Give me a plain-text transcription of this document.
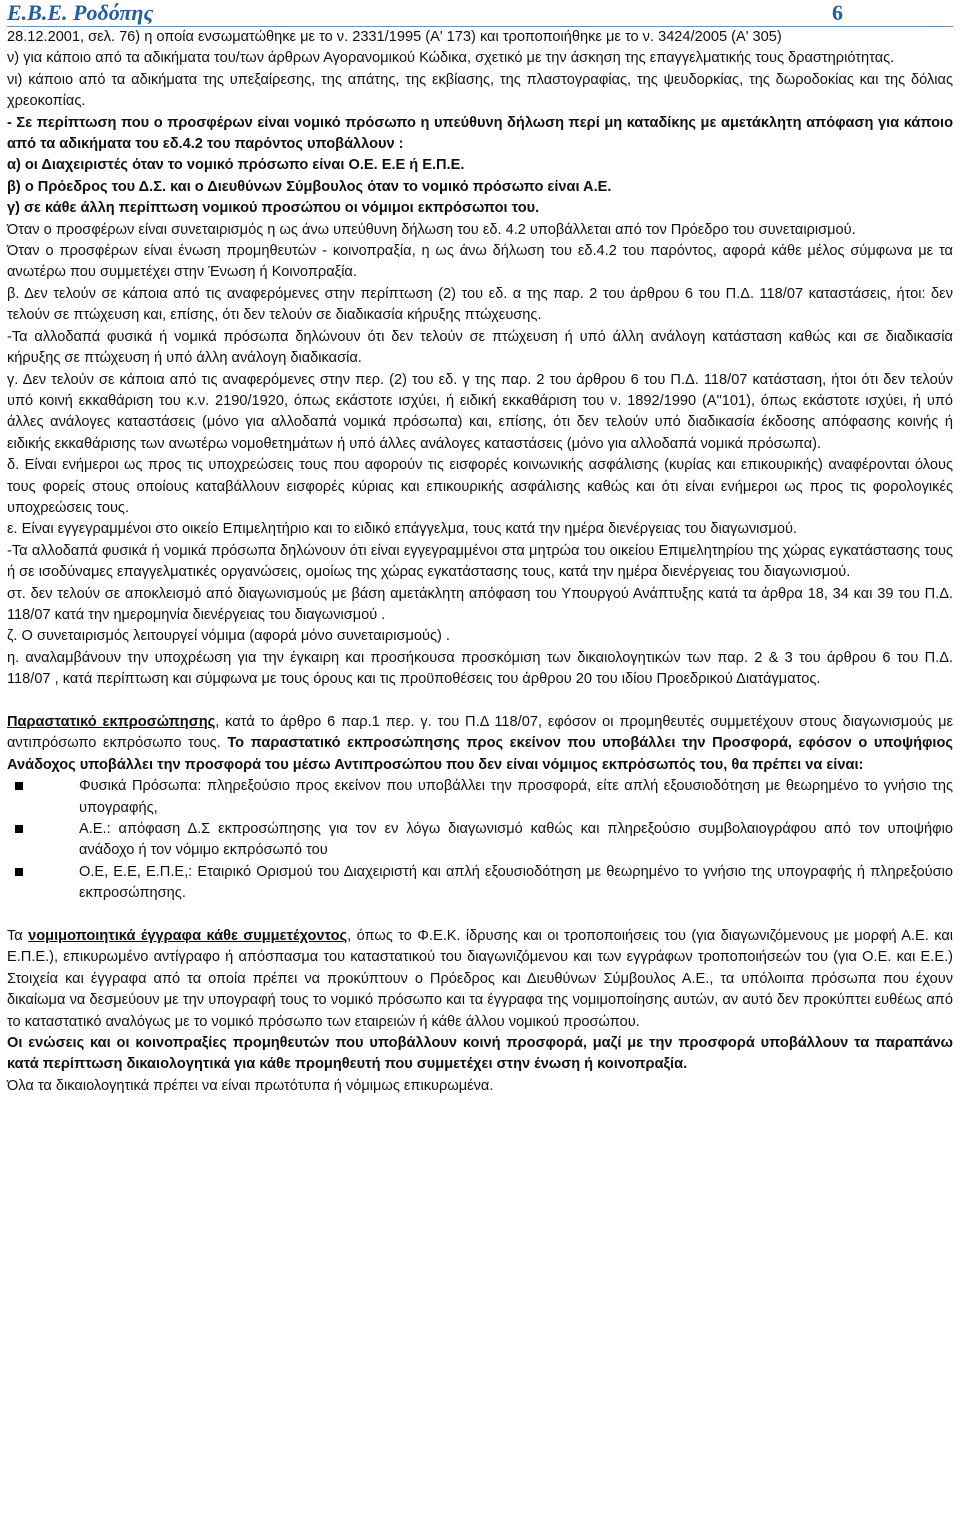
Ε.Β.Ε. Ροδόπης	6

28.12.2001, σελ. 76) η οποία ενσωματώθηκε με το ν. 2331/1995 (Α' 173) και τροποποιήθηκε με το ν. 3424/2005 (Α' 305)

ν) για κάποιο από τα αδικήματα του/των άρθρων Αγορανομικού Κώδικα, σχετικό με την άσκηση της επαγγελματικής τους δραστηριότητας.

νι) κάποιο από τα αδικήματα της υπεξαίρεσης, της απάτης, της εκβίασης, της πλαστογραφίας, της ψευδορκίας, της δωροδοκίας και της δόλιας χρεοκοπίας.

- Σε περίπτωση που ο προσφέρων είναι νομικό πρόσωπο η υπεύθυνη δήλωση περί μη καταδίκης με αμετάκλητη απόφαση για κάποιο από τα αδικήματα του εδ.4.2 του παρόντος υποβάλλουν :

α) οι Διαχειριστές όταν το νομικό πρόσωπο είναι Ο.Ε. Ε.Ε ή Ε.Π.Ε.

β) ο Πρόεδρος του Δ.Σ. και ο Διευθύνων Σύμβουλος όταν το νομικό πρόσωπο είναι Α.Ε.

γ) σε κάθε άλλη περίπτωση νομικού προσώπου οι νόμιμοι εκπρόσωποι του.

Όταν ο προσφέρων είναι συνεταιρισμός η ως άνω υπεύθυνη δήλωση του εδ. 4.2 υποβάλλεται από τον Πρόεδρο του συνεταιρισμού.

Όταν ο προσφέρων είναι ένωση προμηθευτών - κοινοπραξία, η ως άνω δήλωση του εδ.4.2 του παρόντος, αφορά κάθε μέλος σύμφωνα με τα ανωτέρω που συμμετέχει στην Ένωση ή Κοινοπραξία.

β. Δεν τελούν σε κάποια από τις αναφερόμενες στην περίπτωση (2) του εδ. α της παρ. 2 του άρθρου 6 του Π.Δ. 118/07 καταστάσεις, ήτοι: δεν τελούν σε πτώχευση και, επίσης, ότι δεν τελούν σε διαδικασία κήρυξης πτώχευσης.

-Τα αλλοδαπά φυσικά ή νομικά πρόσωπα δηλώνουν ότι δεν τελούν σε πτώχευση ή υπό άλλη ανάλογη κατάσταση καθώς και σε διαδικασία κήρυξης σε πτώχευση ή υπό άλλη ανάλογη διαδικασία.

γ. Δεν τελούν σε κάποια από τις αναφερόμενες στην περ. (2) του εδ. γ της παρ. 2 του άρθρου 6 του Π.Δ. 118/07 κατάσταση, ήτοι ότι δεν τελούν υπό κοινή εκκαθάριση του κ.ν. 2190/1920, όπως εκάστοτε ισχύει, ή ειδική εκκαθάριση του ν. 1892/1990 (Α"101), όπως εκάστοτε ισχύει, ή υπό άλλες ανάλογες καταστάσεις (μόνο για αλλοδαπά νομικά πρόσωπα) και, επίσης, ότι δεν τελούν υπό διαδικασία έκδοσης απόφασης κοινής ή ειδικής εκκαθάρισης των ανωτέρω νομοθετημάτων ή υπό άλλες ανάλογες καταστάσεις (μόνο για αλλοδαπά νομικά πρόσωπα).

δ. Είναι ενήμεροι ως προς τις υποχρεώσεις τους που αφορούν τις εισφορές κοινωνικής ασφάλισης (κυρίας και επικουρικής) αναφέρονται όλους τους φορείς στους οποίους καταβάλλουν εισφορές κύριας και επικουρικής ασφάλισης καθώς και ότι είναι ενήμεροι ως προς τις φορολογικές υποχρεώσεις τους.

ε. Είναι εγγεγραμμένοι στο οικείο Επιμελητήριο και το ειδικό επάγγελμα, τους κατά την ημέρα διενέργειας του διαγωνισμού.

-Τα αλλοδαπά φυσικά ή νομικά πρόσωπα δηλώνουν ότι είναι εγγεγραμμένοι στα μητρώα του οικείου Επιμελητηρίου της χώρας εγκατάστασης τους ή σε ισοδύναμες επαγγελματικές οργανώσεις, ομοίως της χώρας εγκατάστασης τους, κατά την ημέρα διενέργειας του διαγωνισμού.

στ. δεν τελούν σε αποκλεισμό από διαγωνισμούς με βάση αμετάκλητη απόφαση του Υπουργού Ανάπτυξης κατά τα άρθρα 18, 34 και 39 του Π.Δ. 118/07 κατά την ημερομηνία διενέργειας του διαγωνισμού .

ζ. Ο συνεταιρισμός λειτουργεί νόμιμα (αφορά μόνο συνεταιρισμούς) .

η. αναλαμβάνουν την υποχρέωση για την έγκαιρη και προσήκουσα προσκόμιση των δικαιολογητικών των παρ. 2 & 3 του άρθρου 6 του Π.Δ. 118/07 , κατά περίπτωση και σύμφωνα με τους όρους και τις προϋποθέσεις του άρθρου 20 του ιδίου Προεδρικού Διατάγματος.

Παραστατικό εκπροσώπησης, κατά το άρθρο 6 παρ.1 περ. γ. του Π.Δ 118/07, εφόσον οι προμηθευτές συμμετέχουν στους διαγωνισμούς με αντιπρόσωπο εκπρόσωπο τους. Το παραστατικό εκπροσώπησης προς εκείνον που υποβάλλει την Προσφορά, εφόσον ο υποψήφιος Ανάδοχος υποβάλλει την προσφορά του μέσω Αντιπροσώπου που δεν είναι νόμιμος εκπρόσωπός του, θα πρέπει να είναι:

Φυσικά Πρόσωπα: πληρεξούσιο προς εκείνον που υποβάλλει την προσφορά, είτε απλή εξουσιοδότηση με θεωρημένο το γνήσιο της υπογραφής,
Α.Ε.: απόφαση Δ.Σ εκπροσώπησης για τον εν λόγω διαγωνισμό καθώς και πληρεξούσιο συμβολαιογράφου από τον υποψήφιο ανάδοχο ή τον νόμιμο εκπρόσωπό του
Ο.Ε, Ε.Ε, Ε.Π.Ε,: Εταιρικό Ορισμού του Διαχειριστή και απλή εξουσιοδότηση με θεωρημένο το γνήσιο της υπογραφής ή πληρεξούσιο εκπροσώπησης.

Τα νομιμοποιητικά έγγραφα κάθε συμμετέχοντος, όπως το Φ.Ε.Κ. ίδρυσης και οι τροποποιήσεις του (για διαγωνιζόμενους με μορφή Α.Ε. και Ε.Π.Ε.), επικυρωμένο αντίγραφο ή απόσπασμα του καταστατικού του διαγωνιζόμενου και των εγγράφων τροποποιήσεών του (για Ο.Ε. και Ε.Ε.) Στοιχεία και έγγραφα από τα οποία πρέπει να προκύπτουν ο Πρόεδρος και Διευθύνων Σύμβουλος Α.Ε., τα υπόλοιπα πρόσωπα που έχουν δικαίωμα να δεσμεύουν με την υπογραφή τους το νομικό πρόσωπο και τα έγγραφα της νομιμοποίησης αυτών, αν αυτό δεν προκύπτει ευθέως από το καταστατικό αναλόγως με το νομικό πρόσωπο των εταιρειών ή κάθε άλλου νομικού προσώπου.

Οι ενώσεις και οι κοινοπραξίες προμηθευτών που υποβάλλουν κοινή προσφορά, μαζί με την προσφορά υποβάλλουν τα παραπάνω κατά περίπτωση δικαιολογητικά για κάθε προμηθευτή που συμμετέχει στην ένωση ή κοινοπραξία.

Όλα τα δικαιολογητικά πρέπει να είναι πρωτότυπα ή νόμιμως επικυρωμένα.
